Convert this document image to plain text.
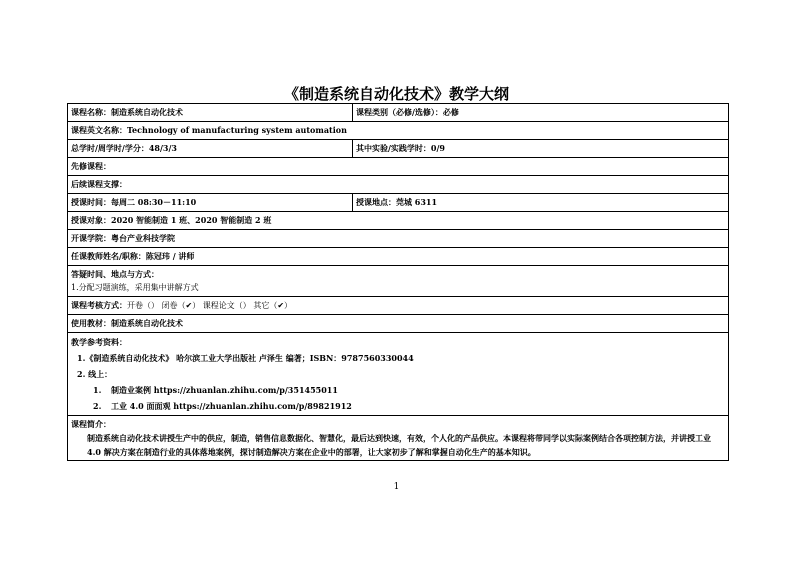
《制造系统自动化技术》教学大纲
课程名称：制造系统自动化技术	课程类别（必修/选修）：必修
课程英文名称：Technology of manufacturing system automation	
总学时/周学时/学分：48/3/3	其中实验/实践学时：0/9
先修课程：	
后续课程支撑：	
授课时间：每周二 08:30－11:10	授课地点：莞城 6311
授课对象：2020 智能制造 1 班、2020 智能制造 2 班	
开课学院：粤台产业科技学院	
任课教师姓名/职称：陈冠玮 / 讲师	

答疑时间、地点与方式：
1.分配习题演练，采用集中讲解方式	

课程考核方式：开卷（） 闭卷（✔） 课程论文（） 其它（✔）	
使用教材：制造系统自动化技术	

教学参考资料：
1.《制造系统自动化技术》 哈尔滨工业大学出版社 卢泽生 编著；ISBN：9787560330044
2. 线上：
1. 制造业案例 https://zhuanlan.zhihu.com/p/351455011
2. 工业 4.0 面面观 https://zhuanlan.zhihu.com/p/89821912	

课程简介：
制造系统自动化技术讲授生产中的供应，制造，销售信息数据化、智慧化，最后达到快速，有效，个人化的产品供应。本课程将带同学以实际案例结合各项控制方法，并讲授工业 4.0 解决方案在制造行业的具体落地案例，探讨制造解决方案在企业中的部署，让大家初步了解和掌握自动化生产的基本知识。	
1
